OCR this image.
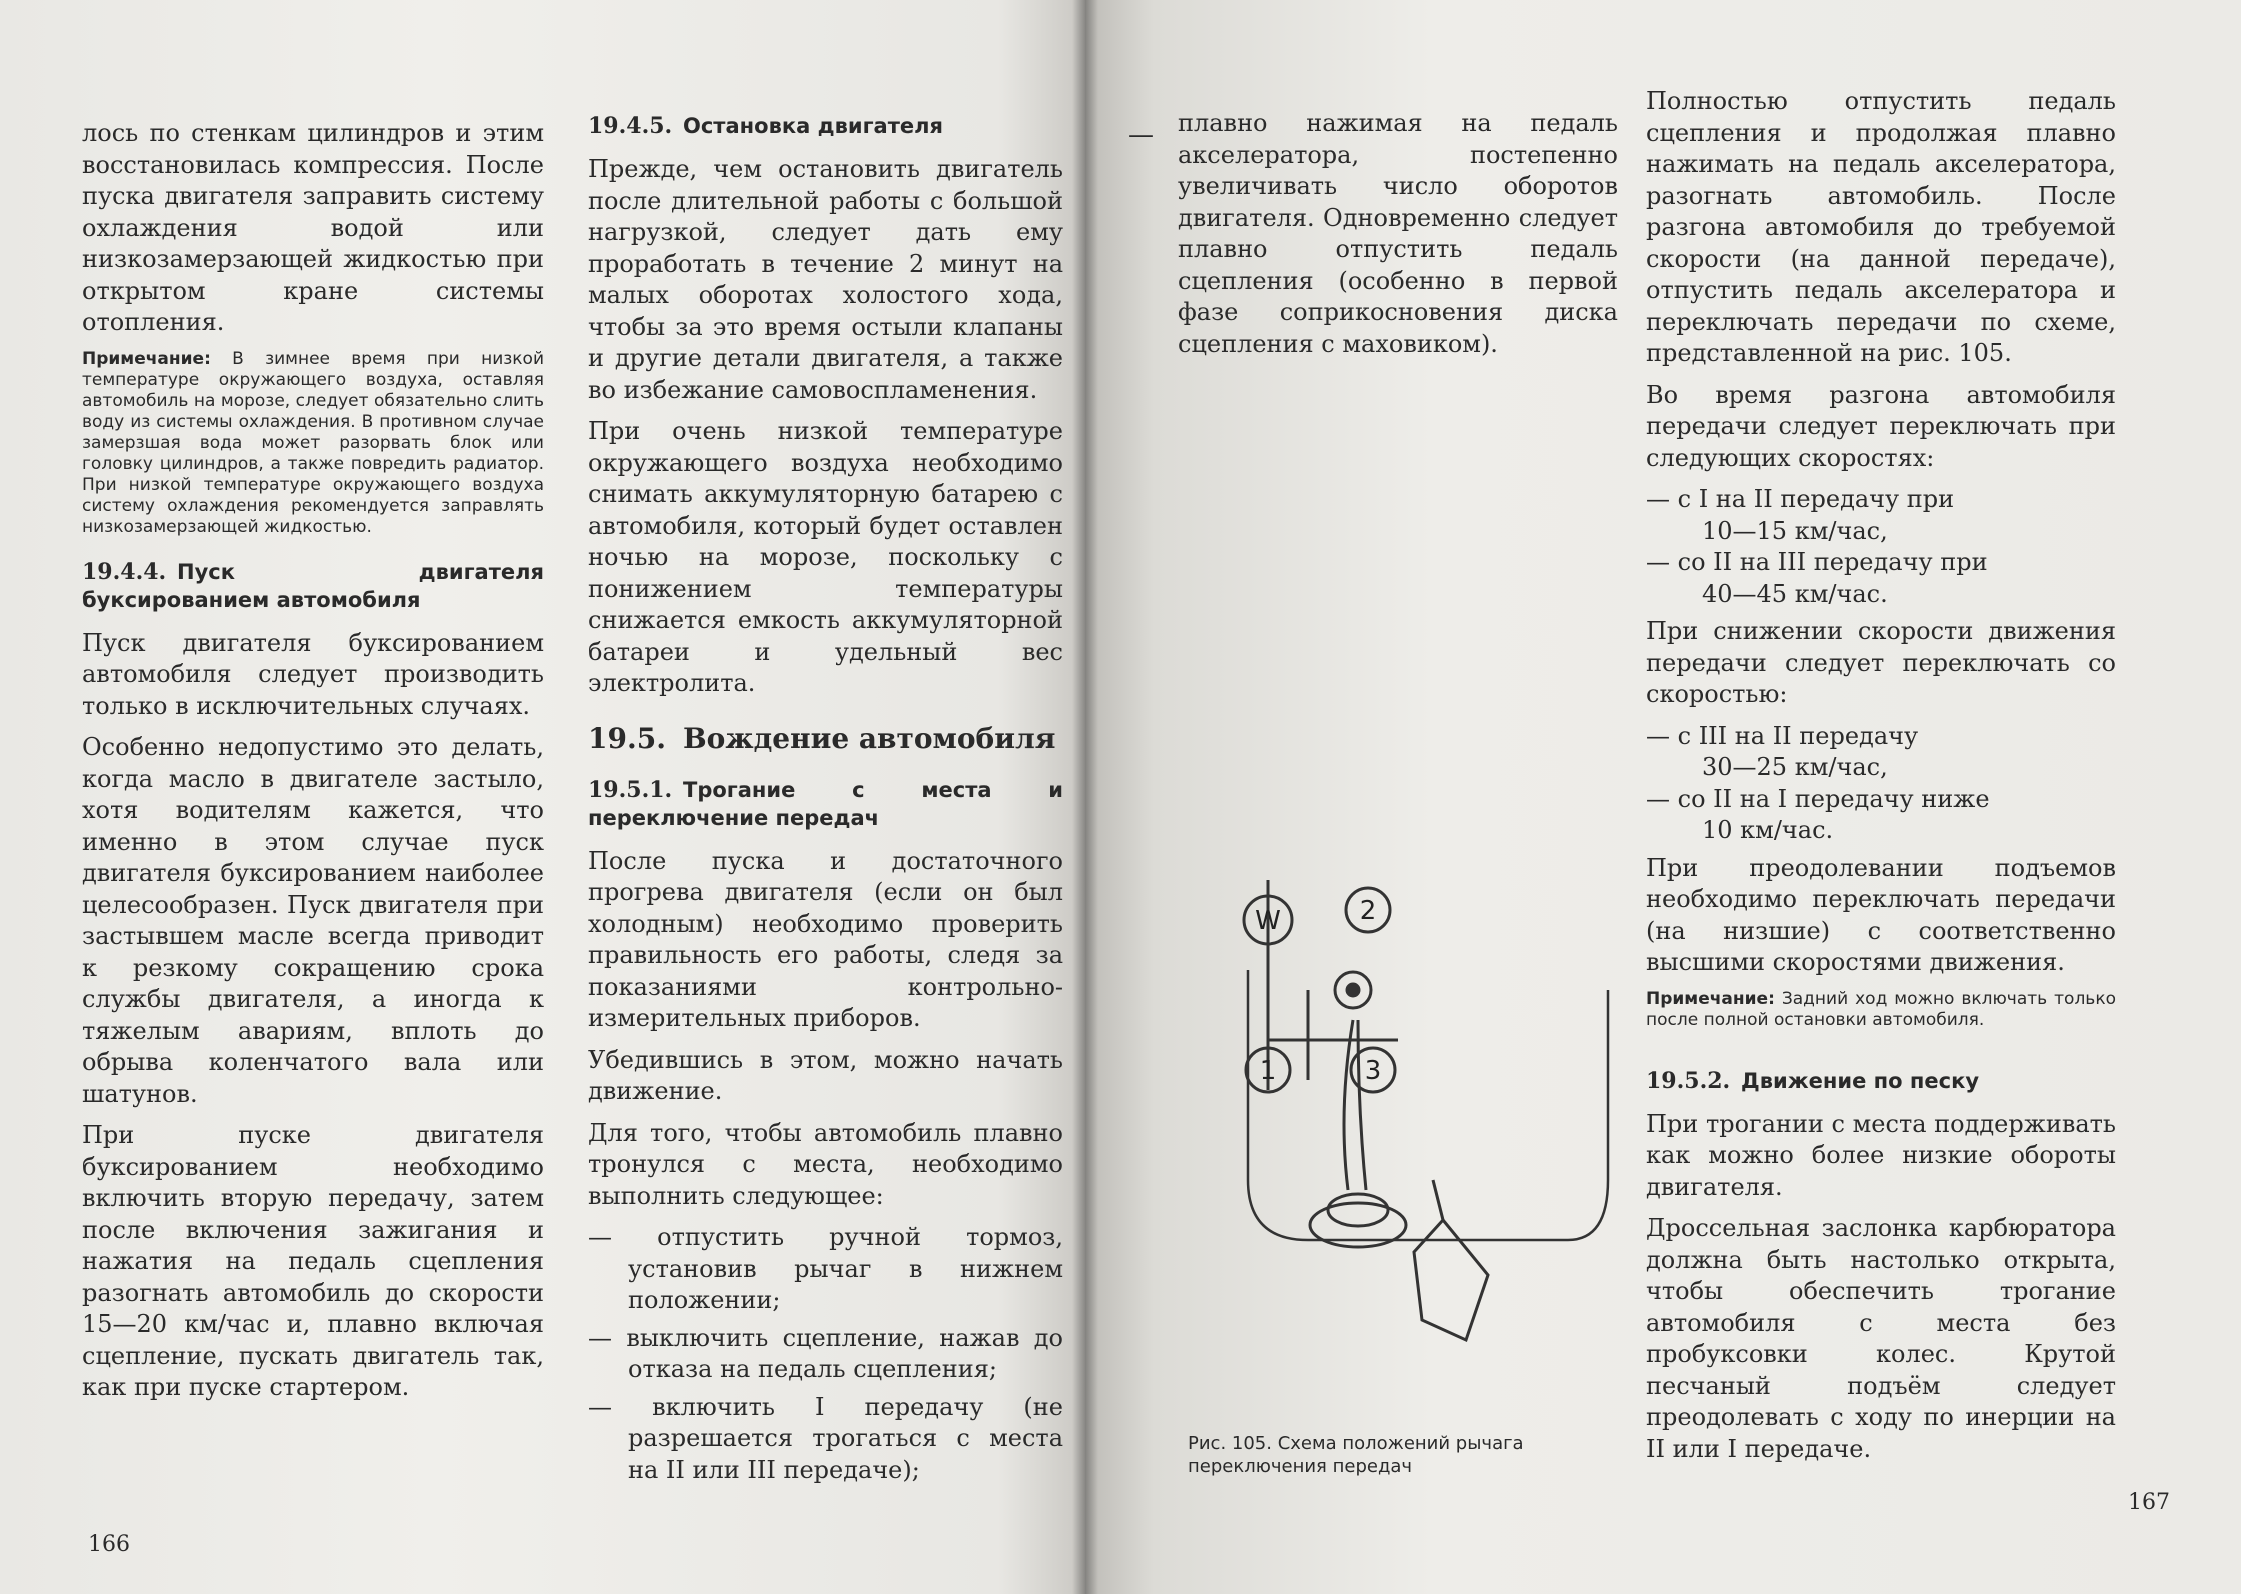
лось по стенкам цилиндров и этим восстановилась компрессия. После пуска двигателя заправить систему охлаждения водой или низкозамерзающей жидкостью при открытом кране системы отопления.

Примечание: В зимнее время при низкой температуре окружающего воздуха, оставляя автомобиль на морозе, следует обязательно слить воду из системы охлаждения. В противном случае замерзшая вода может разорвать блок или головку цилиндров, а также повредить радиатор. При низкой температуре окружающего воздуха систему охлаждения рекомендуется заправлять низкозамерзающей жидкостью.

19.4.4. Пуск двигателя буксированием автомобиля

Пуск двигателя буксированием автомобиля следует производить только в исключительных случаях.

Особенно недопустимо это делать, когда масло в двигателе застыло, хотя водителям кажется, что именно в этом случае пуск двигателя буксированием наиболее целесообразен. Пуск двигателя при застывшем масле всегда приводит к резкому сокращению срока службы двигателя, а иногда к тяжелым авариям, вплоть до обрыва коленчатого вала или шатунов.

При пуске двигателя буксированием необходимо включить вторую передачу, затем после включения зажигания и нажатия на педаль сцепления разогнать автомобиль до скорости 15—20 км/час и, плавно включая сцепление, пускать двигатель так, как при пуске стартером.

19.4.5. Остановка двигателя

Прежде, чем остановить двигатель после длительной работы с большой нагрузкой, следует дать ему проработать в течение 2 минут на малых оборотах холостого хода, чтобы за это время остыли клапаны и другие детали двигателя, а также во избежание самовоспламенения.

При очень низкой температуре окружающего воздуха необходимо снимать аккумуляторную батарею с автомобиля, который будет оставлен ночью на морозе, поскольку с понижением температуры снижается емкость аккумуляторной батареи и удельный вес электролита.

19.5. Вождение автомобиля
19.5.1. Трогание с места и переключение передач

После пуска и достаточного прогрева двигателя (если он был холодным) необходимо проверить правильность его работы, следя за показаниями контрольно-измерительных приборов.

Убедившись в этом, можно начать движение.

Для того, чтобы автомобиль плавно тронулся с места, необходимо выполнить следующее:

— отпустить ручной тормоз, установив рычаг в нижнем положении;

— выключить сцепление, нажав до отказа на педаль сцепления;

— включить I передачу (не разрешается трогаться с места на II или III передаче);

166
— плавно нажимая на педаль акселератора, постепенно увеличивать число оборотов двигателя. Одновременно следует плавно отпустить педаль сцепления (особенно в первой фазе соприкосновения диска сцепления с маховиком).

W	2
1	3
Рис. 105. Схема положений рычага переключения передач

Полностью отпустить педаль сцепления и продолжая плавно нажимать на педаль акселератора, разогнать автомобиль. После разгона автомобиля до требуемой скорости (на данной передаче), отпустить педаль акселератора и переключать передачи по схеме, представленной на рис. 105.

Во время разгона автомобиля передачи следует переключать при следующих скоростях:

— с I на II передачу при
10—15 км/час,

— со II на III передачу при
40—45 км/час.

При снижении скорости движения передачи следует переключать со скоростью:

— с III на II передачу
30—25 км/час,

— со II на I передачу ниже
10 км/час.

При преодолевании подъемов необходимо переключать передачи (на низшие) с соответственно высшими скоростями движения.

Примечание: Задний ход можно включать только после полной остановки автомобиля.

19.5.2. Движение по песку

При трогании с места поддерживать как можно более низкие обороты двигателя.

Дроссельная заслонка карбюратора должна быть настолько открыта, чтобы обеспечить трогание автомобиля с места без пробуксовки колес. Крутой песчаный подъём следует преодолевать с ходу по инерции на II или I передаче.

167
